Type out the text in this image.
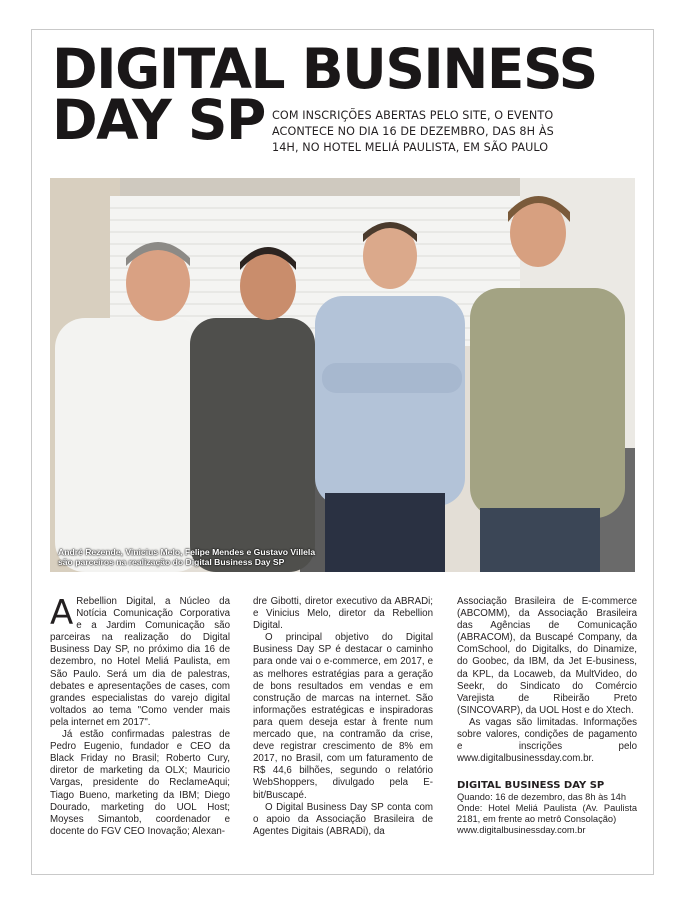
DIGITAL BUSINESS
DAY SP COM INSCRIÇÕES ABERTAS PELO SITE, O EVENTO ACONTECE NO DIA 16 DE DEZEMBRO, DAS 8H ÀS 14H, NO HOTEL MELIÁ PAULISTA, EM SÃO PAULO

André Rezende, Vinicius Melo, Felipe Mendes e Gustavo Villela
são parceiros na realização do Digital Business Day SP

A Rebellion Digital, a Núcleo da Notícia Comunicação Corporativa e a Jardim Comunicação são parceiras na realização do Digital Business Day SP, no próximo dia 16 de dezembro, no Hotel Meliá Paulista, em São Paulo. Será um dia de palestras, debates e apresentações de cases, com grandes especialistas do varejo digital voltados ao tema "Como vender mais pela internet em 2017".

Já estão confirmadas palestras de Pedro Eugenio, fundador e CEO da Black Friday no Brasil; Roberto Cury, diretor de marketing da OLX; Mauricio Vargas, presidente do ReclameAqui; Tiago Bueno, marketing da IBM; Diego Dourado, marketing do UOL Host; Moyses Simantob, coordenador e docente do FGV CEO Inovação; Alexan-

dre Gibotti, diretor executivo da ABRADi; e Vinicius Melo, diretor da Rebellion Digital.

O principal objetivo do Digital Business Day SP é destacar o caminho para onde vai o e-commerce, em 2017, e as melhores estratégias para a geração de bons resultados em vendas e em construção de marcas na internet. São informações estratégicas e inspiradoras para quem deseja estar à frente num mercado que, na contramão da crise, deve registrar crescimento de 8% em 2017, no Brasil, com um faturamento de R$ 44,6 bilhões, segundo o relatório WebShoppers, divulgado pela E-bit/Buscapé.

O Digital Business Day SP conta com o apoio da Associação Brasileira de Agentes Digitais (ABRADi), da

Associação Brasileira de E-commerce (ABCOMM), da Associação Brasileira das Agências de Comunicação (ABRACOM), da Buscapé Company, da ComSchool, do Digitalks, do Dinamize, do Goobec, da IBM, da Jet E-business, da KPL, da Locaweb, da MultVideo, do Seekr, do Sindicato do Comércio Varejista de Ribeirão Preto (SINCOVARP), da UOL Host e do Xtech.

As vagas são limitadas. Informações sobre valores, condições de pagamento e inscrições pelo www.digitalbusinessday.com.br.

DIGITAL BUSINESS DAY SP
Quando: 16 de dezembro, das 8h às 14h
Onde: Hotel Meliá Paulista (Av. Paulista 2181, em frente ao metrô Consolação)
www.digitalbusinessday.com.br
